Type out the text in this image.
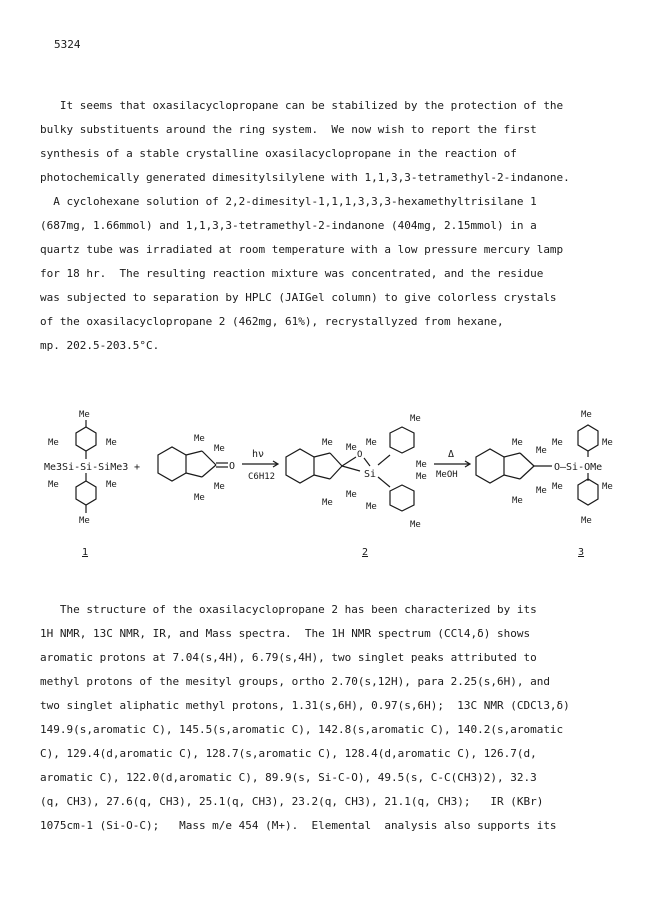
5324
It seems that oxasilacyclopropane can be stabilized by the protection of the
bulky substituents around the ring system.  We now wish to report the first
synthesis of a stable crystalline oxasilacyclopropane in the reaction of
photochemically generated dimesitylsilylene with 1,1,3,3-tetramethyl-2-indanone.
A cyclohexane solution of 2,2-dimesityl-1,1,1,3,3,3-hexamethyltrisilane 1
(687mg, 1.66mmol) and 1,1,3,3-tetramethyl-2-indanone (404mg, 2.15mmol) in a
quartz tube was irradiated at room temperature with a low pressure mercury lamp
for 18 hr.  The resulting reaction mixture was concentrated, and the residue
was subjected to separation by HPLC (JAIGel column) to give colorless crystals
of the oxasilacyclopropane 2 (462mg, 61%), recrystallyzed from hexane,
mp. 202.5-203.5°C.
Me
Me	Me
Me3Si-Si-SiMe3
Me	Me
Me
1
+
Me
Me
Me
Me
O
hν
C6H12
Me Me
Me
Me
O
Si
Me
Me
Me
Me
Me
Me
2
Δ
MeOH
Me
Me
Me
Me
O—Si-OMe
Me
Me	Me
Me	Me
Me
3
The structure of the oxasilacyclopropane 2 has been characterized by its
1H NMR, 13C NMR, IR, and Mass spectra.  The 1H NMR spectrum (CCl4,δ) shows
aromatic protons at 7.04(s,4H), 6.79(s,4H), two singlet peaks attributed to
methyl protons of the mesityl groups, ortho 2.70(s,12H), para 2.25(s,6H), and
two singlet aliphatic methyl protons, 1.31(s,6H), 0.97(s,6H);  13C NMR (CDCl3,δ)
149.9(s,aromatic C), 145.5(s,aromatic C), 142.8(s,aromatic C), 140.2(s,aromatic
C), 129.4(d,aromatic C), 128.7(s,aromatic C), 128.4(d,aromatic C), 126.7(d,
aromatic C), 122.0(d,aromatic C), 89.9(s, Si-C-O), 49.5(s, C-C(CH3)2), 32.3
(q, CH3), 27.6(q, CH3), 25.1(q, CH3), 23.2(q, CH3), 21.1(q, CH3);   IR (KBr)
1075cm-1 (Si-O-C);   Mass m/e 454 (M+).  Elemental  analysis also supports its
